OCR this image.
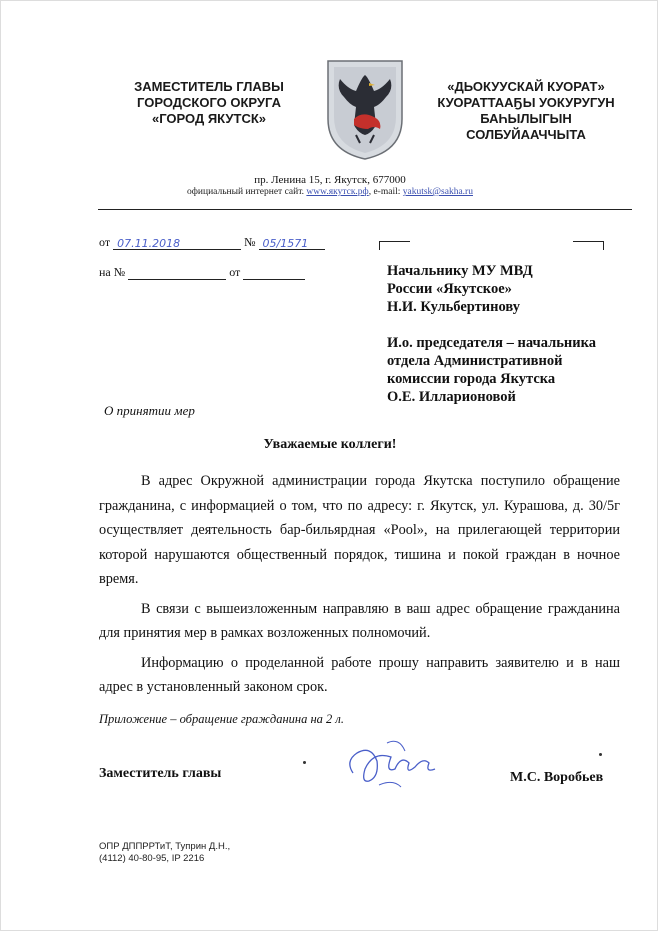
ЗАМЕСТИТЕЛЬ ГЛАВЫ
ГОРОДСКОГО ОКРУГА
«ГОРОД ЯКУТСК»
«ДЬОКУУСКАЙ КУОРАТ»
КУОРАТТААҔЫ УОКУРУГУН
БАҺЫЛЫГЫН
СОЛБУЙААЧЧЫТА
пр. Ленина 15, г. Якутск, 677000
официальный интернет сайт. www.якутск.рф, e-mail: yakutsk@sakha.ru
от 07.11.2018	№ 05/1571
на №	от	Начальнику МУ МВД
России «Якутское»
Н.И. Кульбертинову
И.о. председателя – начальника
отдела Административной
комиссии города Якутска
О.Е. Илларионовой
О принятии мер
Уважаемые коллеги!

В адрес Окружной администрации города Якутска поступило обращение гражданина, с информацией о том, что по адресу: г. Якутск, ул. Курашова, д. 30/5г осуществляет деятельность бар-бильярдная «Pool», на прилегающей территории которой нарушаются общественный порядок, тишина и покой граждан в ночное время.

В связи с вышеизложенным направляю в ваш адрес обращение гражданина для принятия мер в рамках возложенных полномочий.

Информацию о проделанной работе прошу направить заявителю и в наш адрес в установленный законом срок.

Приложение – обращение гражданина на 2 л.
Заместитель главы	М.С. Воробьев
ОПР ДППРРТиТ, Туприн Д.Н.,
(4112) 40-80-95, IP 2216
